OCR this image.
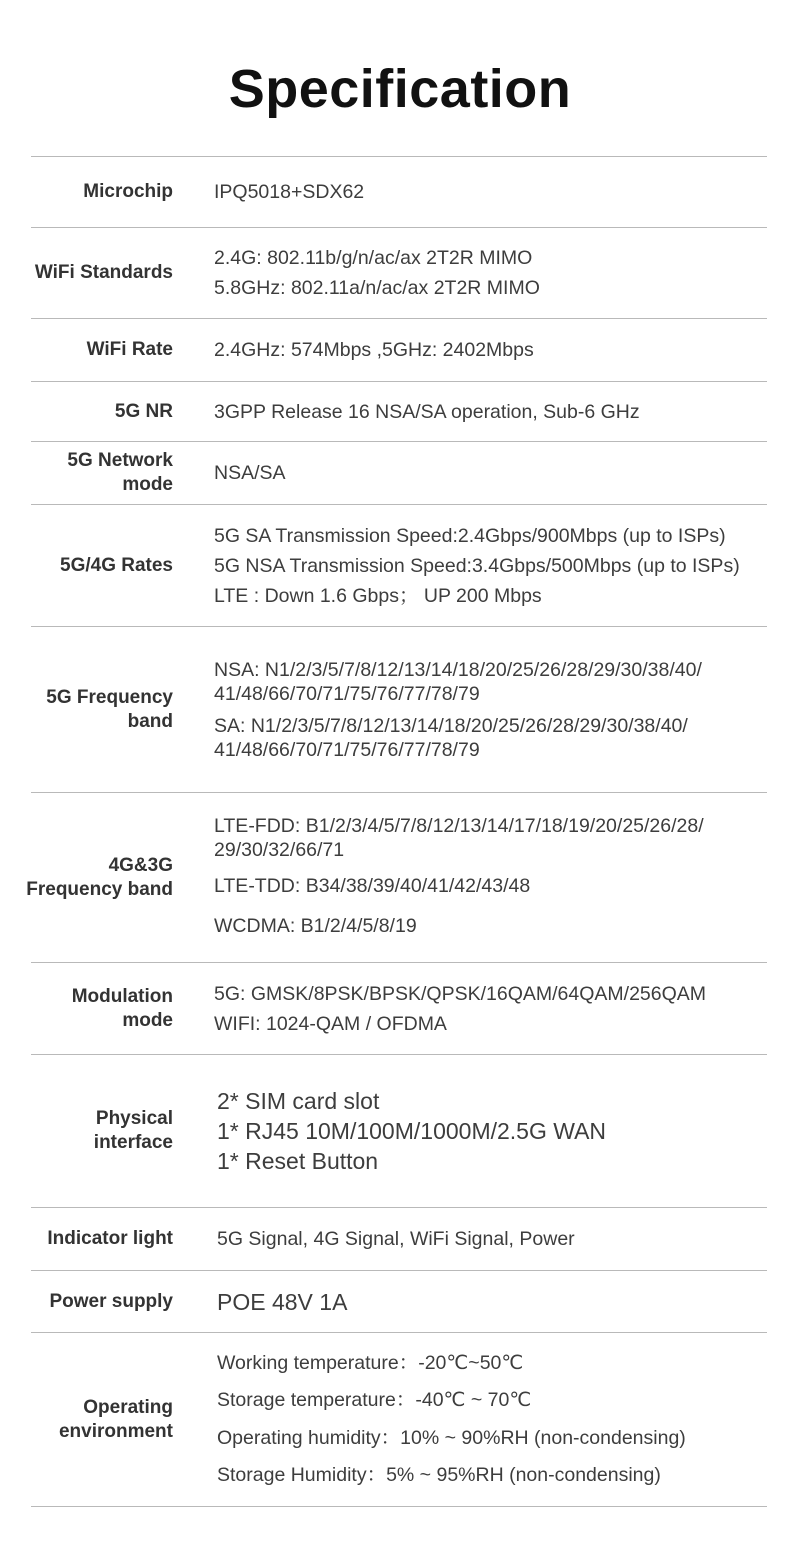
Specification
Microchip IPQ5018+SDX62
WiFi Standards
2.4G: 802.11b/g/n/ac/ax 2T2R MIMO
5.8GHz: 802.11a/n/ac/ax 2T2R MIMO
WiFi Rate 2.4GHz: 574Mbps ,5GHz: 2402Mbps
5G NR 3GPP Release 16 NSA/SA operation, Sub-6 GHz
5G Network mode
NSA/SA
5G/4G Rates
5G SA Transmission Speed:2.4Gbps/900Mbps (up to ISPs)
5G NSA Transmission Speed:3.4Gbps/500Mbps (up to ISPs)
LTE : Down 1.6 Gbps； UP 200 Mbps
5G Frequency band
NSA: N1/2/3/5/7/8/12/13/14/18/20/25/26/28/29/30/38/40/
41/48/66/70/71/75/76/77/78/79
SA: N1/2/3/5/7/8/12/13/14/18/20/25/26/28/29/30/38/40/
41/48/66/70/71/75/76/77/78/79
4G&3G Frequency band
LTE-FDD: B1/2/3/4/5/7/8/12/13/14/17/18/19/20/25/26/28/
29/30/32/66/71
LTE-TDD: B34/38/39/40/41/42/43/48
WCDMA: B1/2/4/5/8/19
Modulation mode
5G: GMSK/8PSK/BPSK/QPSK/16QAM/64QAM/256QAM
WIFI: 1024-QAM / OFDMA
Physical interface
2* SIM card slot
1* RJ45 10M/100M/1000M/2.5G WAN
1* Reset Button
Indicator light 5G Signal, 4G Signal, WiFi Signal, Power
Power supply POE 48V 1A
Operating environment
Working temperature：-20℃~50℃
Storage temperature：-40℃ ~ 70℃
Operating humidity：10% ~ 90%RH (non-condensing)
Storage Humidity：5% ~ 95%RH (non-condensing)
